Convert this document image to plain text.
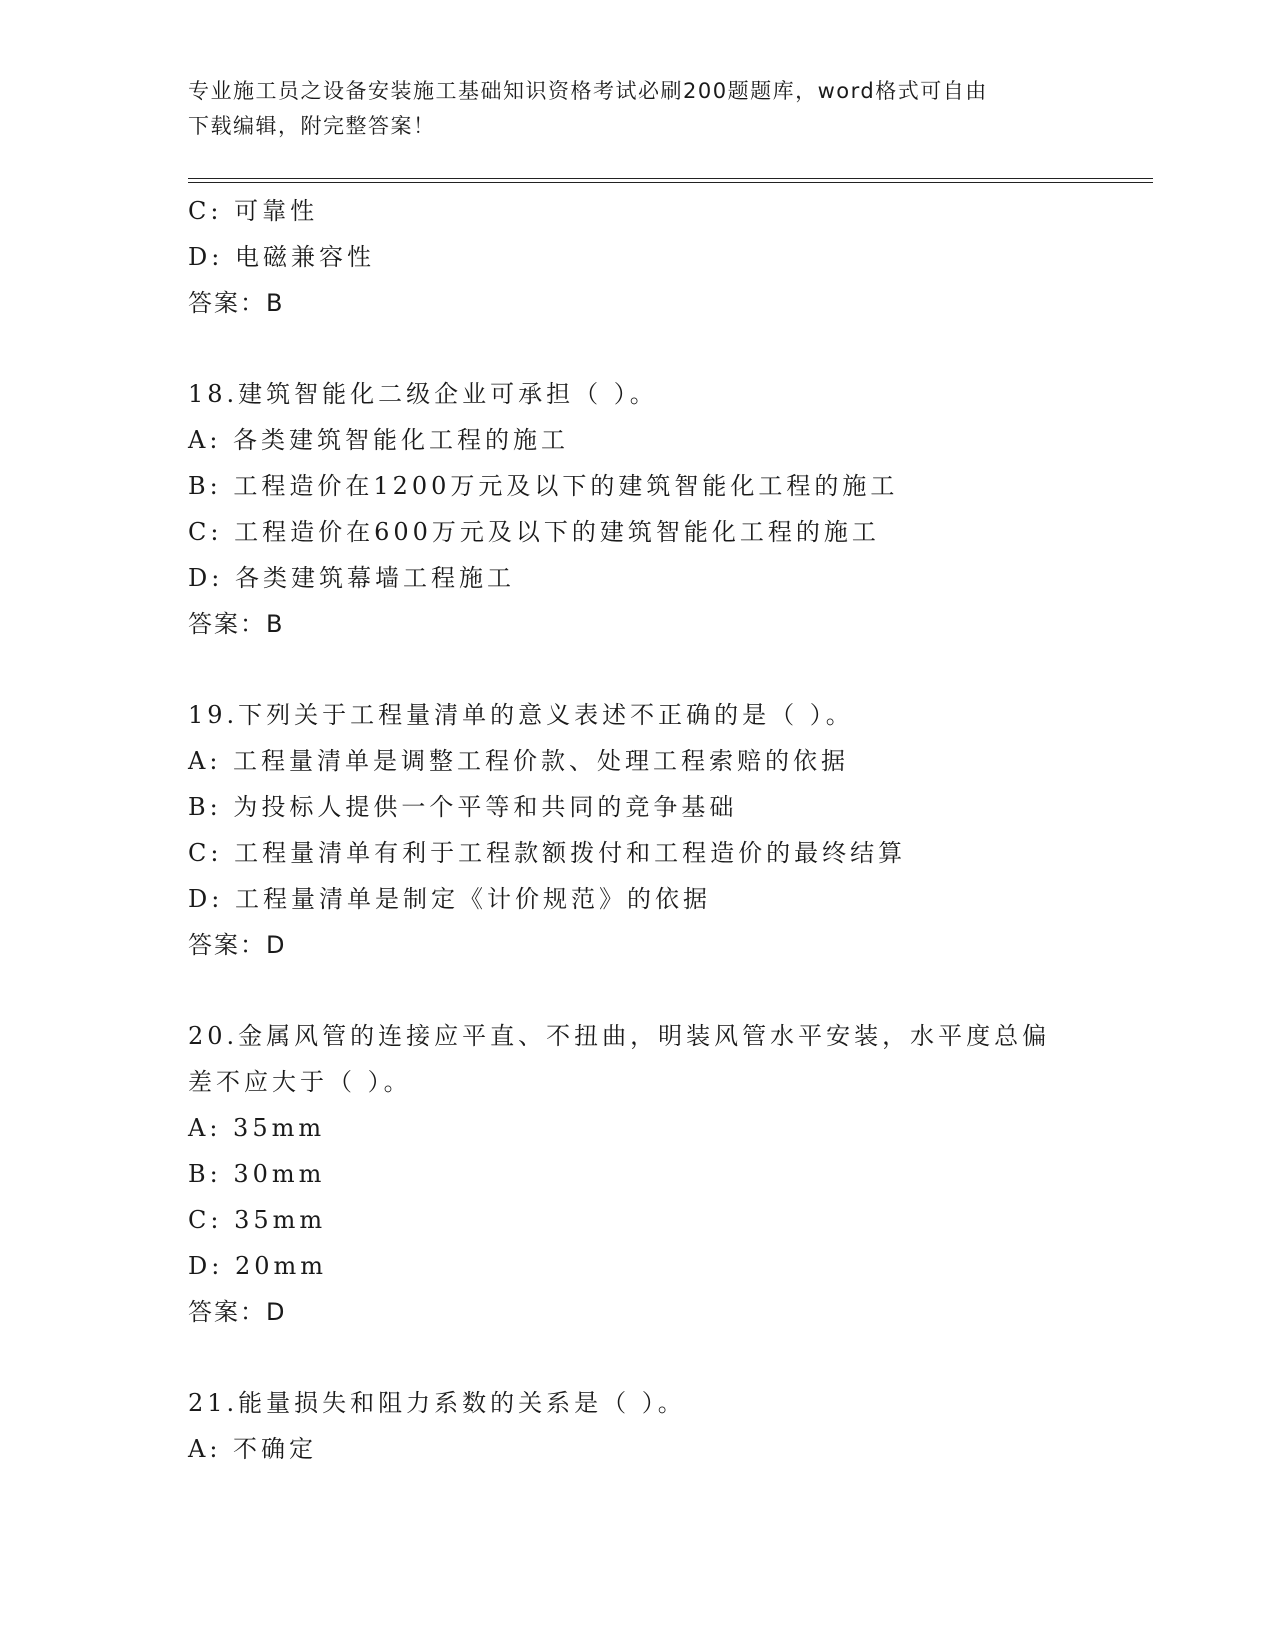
专业施工员之设备安装施工基础知识资格考试必刷200题题库，word格式可自由
下载编辑，附完整答案！
C: 可靠性
D: 电磁兼容性
答案：B
18.建筑智能化二级企业可承担（ ）。
A: 各类建筑智能化工程的施工
B: 工程造价在1200万元及以下的建筑智能化工程的施工
C: 工程造价在600万元及以下的建筑智能化工程的施工
D: 各类建筑幕墙工程施工
答案：B
19.下列关于工程量清单的意义表述不正确的是（ ）。
A: 工程量清单是调整工程价款、处理工程索赔的依据
B: 为投标人提供一个平等和共同的竞争基础
C: 工程量清单有利于工程款额拨付和工程造价的最终结算
D: 工程量清单是制定《计价规范》的依据
答案：D
20.金属风管的连接应平直、不扭曲，明装风管水平安装，水平度总偏
差不应大于（ ）。
A: 35mm
B: 30mm
C: 35mm
D: 20mm
答案：D
21.能量损失和阻力系数的关系是（ ）。
A: 不确定
